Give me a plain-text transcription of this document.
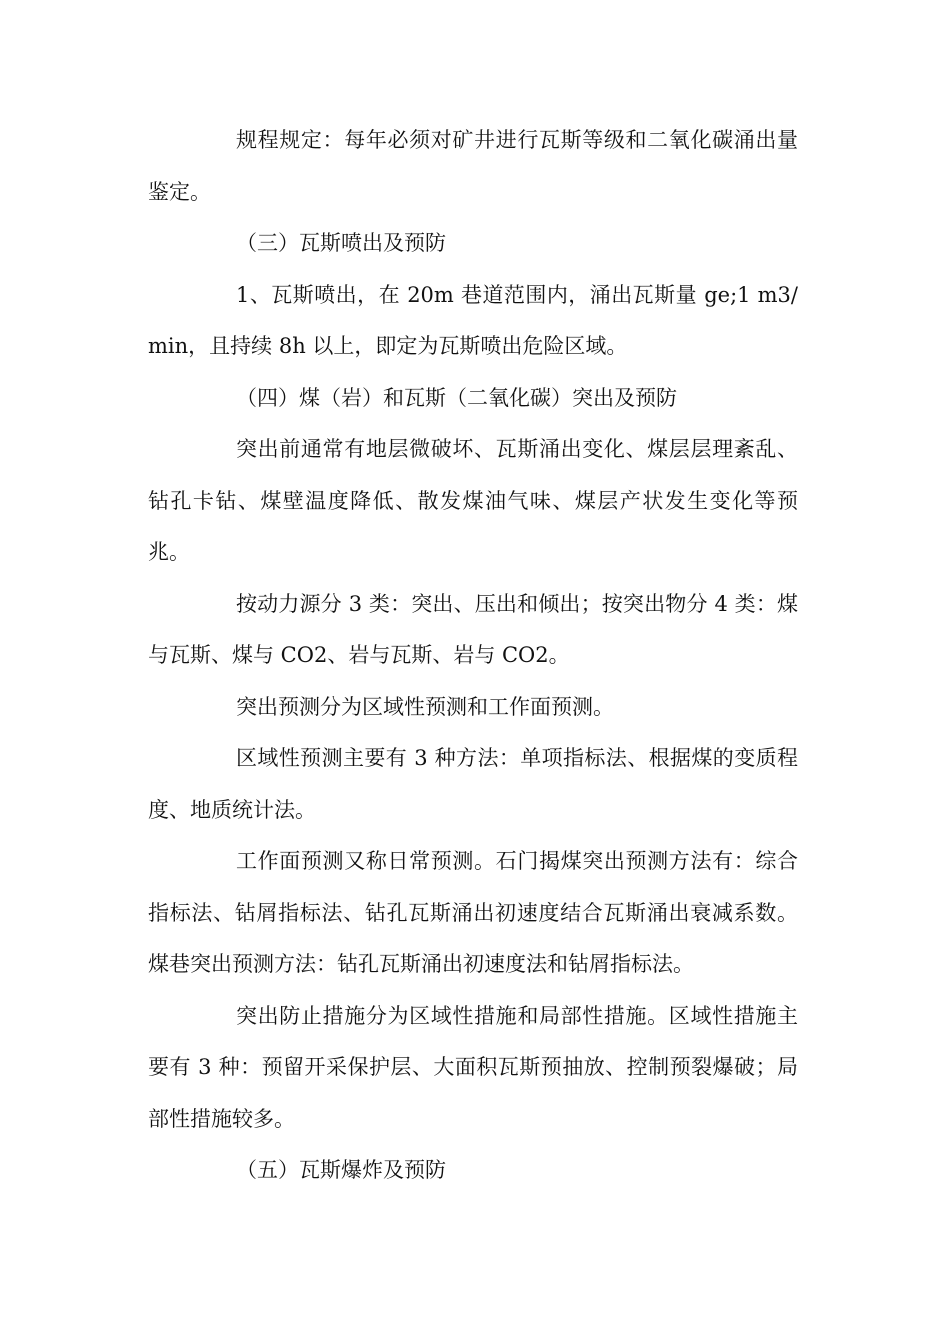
规程规定：每年必须对矿井进行瓦斯等级和二氧化碳涌出量鉴定。

（三）瓦斯喷出及预防

1、瓦斯喷出，在 20m 巷道范围内，涌出瓦斯量 ge;1 m3/min，且持续 8h 以上，即定为瓦斯喷出危险区域。

（四）煤（岩）和瓦斯（二氧化碳）突出及预防

突出前通常有地层微破坏、瓦斯涌出变化、煤层层理紊乱、钻孔卡钻、煤壁温度降低、散发煤油气味、煤层产状发生变化等预兆。

按动力源分 3 类：突出、压出和倾出；按突出物分 4 类：煤与瓦斯、煤与 CO2、岩与瓦斯、岩与 CO2。

突出预测分为区域性预测和工作面预测。

区域性预测主要有 3 种方法：单项指标法、根据煤的变质程度、地质统计法。

工作面预测又称日常预测。石门揭煤突出预测方法有：综合指标法、钻屑指标法、钻孔瓦斯涌出初速度结合瓦斯涌出衰减系数。煤巷突出预测方法：钻孔瓦斯涌出初速度法和钻屑指标法。

突出防止措施分为区域性措施和局部性措施。区域性措施主要有 3 种：预留开采保护层、大面积瓦斯预抽放、控制预裂爆破；局部性措施较多。

（五）瓦斯爆炸及预防
